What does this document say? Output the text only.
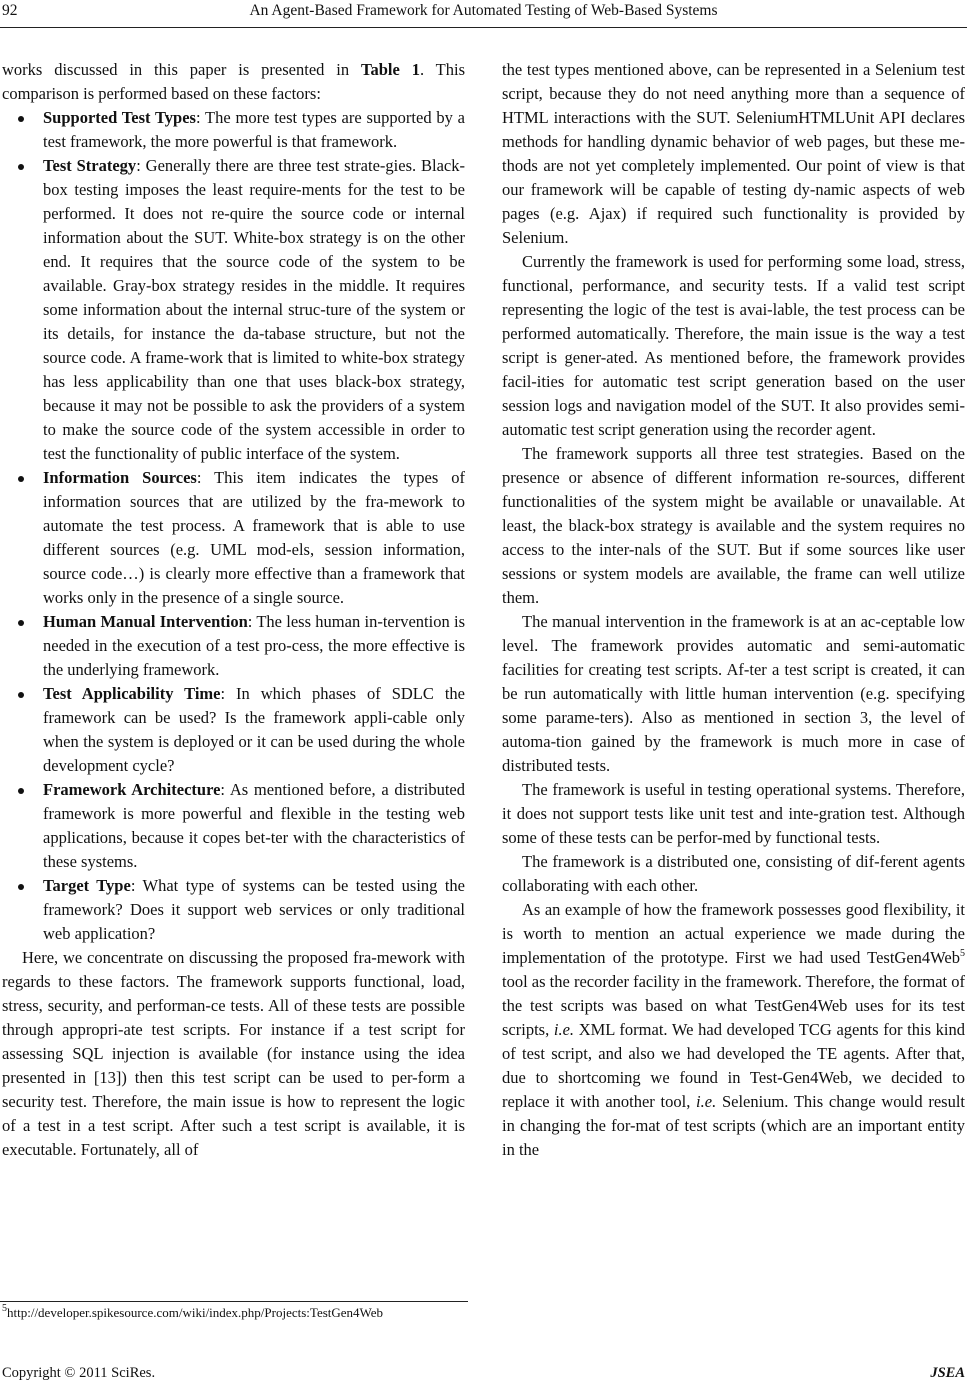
92	An Agent-Based Framework for Automated Testing of Web-Based Systems

works discussed in this paper is presented in Table 1. This comparison is performed based on these factors:

Supported Test Types: The more test types are supported by a test framework, the more powerful is that framework.
Test Strategy: Generally there are three test strate-gies. Black-box testing imposes the least require-ments for the test to be performed. It does not re-quire the source code or internal information about the SUT. White-box strategy is on the other end. It requires that the source code of the system to be available. Gray-box strategy resides in the middle. It requires some information about the internal struc-ture of the system or its details, for instance the da-tabase structure, but not the source code. A frame-work that is limited to white-box strategy has less applicability than one that uses black-box strategy, because it may not be possible to ask the providers of a system to make the source code of the system accessible in order to test the functionality of public interface of the system.
Information Sources: This item indicates the types of information sources that are utilized by the fra-mework to automate the test process. A framework that is able to use different sources (e.g. UML mod-els, session information, source code…) is clearly more effective than a framework that works only in the presence of a single source.
Human Manual Intervention: The less human in-tervention is needed in the execution of a test pro-cess, the more effective is the underlying framework.
Test Applicability Time: In which phases of SDLC the framework can be used? Is the framework appli-cable only when the system is deployed or it can be used during the whole development cycle?
Framework Architecture: As mentioned before, a distributed framework is more powerful and flexible in the testing web applications, because it copes bet-ter with the characteristics of these systems.
Target Type: What type of systems can be tested using the framework? Does it support web services or only traditional web application?

Here, we concentrate on discussing the proposed fra-mework with regards to these factors. The framework supports functional, load, stress, security, and performan-ce tests. All of these tests are possible through appropri-ate test scripts. For instance if a test script for assessing SQL injection is available (for instance using the idea presented in [13]) then this test script can be used to per-form a security test. Therefore, the main issue is how to represent the logic of a test in a test script. After such a test script is available, it is executable. Fortunately, all of

the test types mentioned above, can be represented in a Selenium test script, because they do not need anything more than a sequence of HTML interactions with the SUT. SeleniumHTMLUnit API declares methods for handling dynamic behavior of web pages, but these me-thods are not yet completely implemented. Our point of view is that our framework will be capable of testing dy-namic aspects of web pages (e.g. Ajax) if required such functionality is provided by Selenium.

Currently the framework is used for performing some load, stress, functional, performance, and security tests. If a valid test script representing the logic of the test is avai-lable, the test process can be performed automatically. Therefore, the main issue is the way a test script is gener-ated. As mentioned before, the framework provides facil-ities for automatic test script generation based on the user session logs and navigation model of the SUT. It also provides semi-automatic test script generation using the recorder agent.

The framework supports all three test strategies. Based on the presence or absence of different information re-sources, different functionalities of the system might be available or unavailable. At least, the black-box strategy is available and the system requires no access to the inter-nals of the SUT. But if some sources like user sessions or system models are available, the frame can well utilize them.

The manual intervention in the framework is at an ac-ceptable low level. The framework provides automatic and semi-automatic facilities for creating test scripts. Af-ter a test script is created, it can be run automatically with little human intervention (e.g. specifying some parame-ters). Also as mentioned in section 3, the level of automa-tion gained by the framework is much more in case of distributed tests.

The framework is useful in testing operational systems. Therefore, it does not support tests like unit test and inte-gration test. Although some of these tests can be perfor-med by functional tests.

The framework is a distributed one, consisting of dif-ferent agents collaborating with each other.

As an example of how the framework possesses good flexibility, it is worth to mention an actual experience we made during the implementation of the prototype. First we had used TestGen4Web$^5$ tool as the recorder facility in the framework. Therefore, the format of the test scripts was based on what TestGen4Web uses for its test scripts, i.e. XML format. We had developed TCG agents for this kind of test script, and also we had developed the TE agents. After that, due to shortcoming we found in Test-Gen4Web, we decided to replace it with another tool, i.e. Selenium. This change would result in changing the for-mat of test scripts (which are an important entity in the

$^5$http://developer.spikesource.com/wiki/index.php/Projects:TestGen4Web
Copyright © 2011 SciRes.	JSEA
